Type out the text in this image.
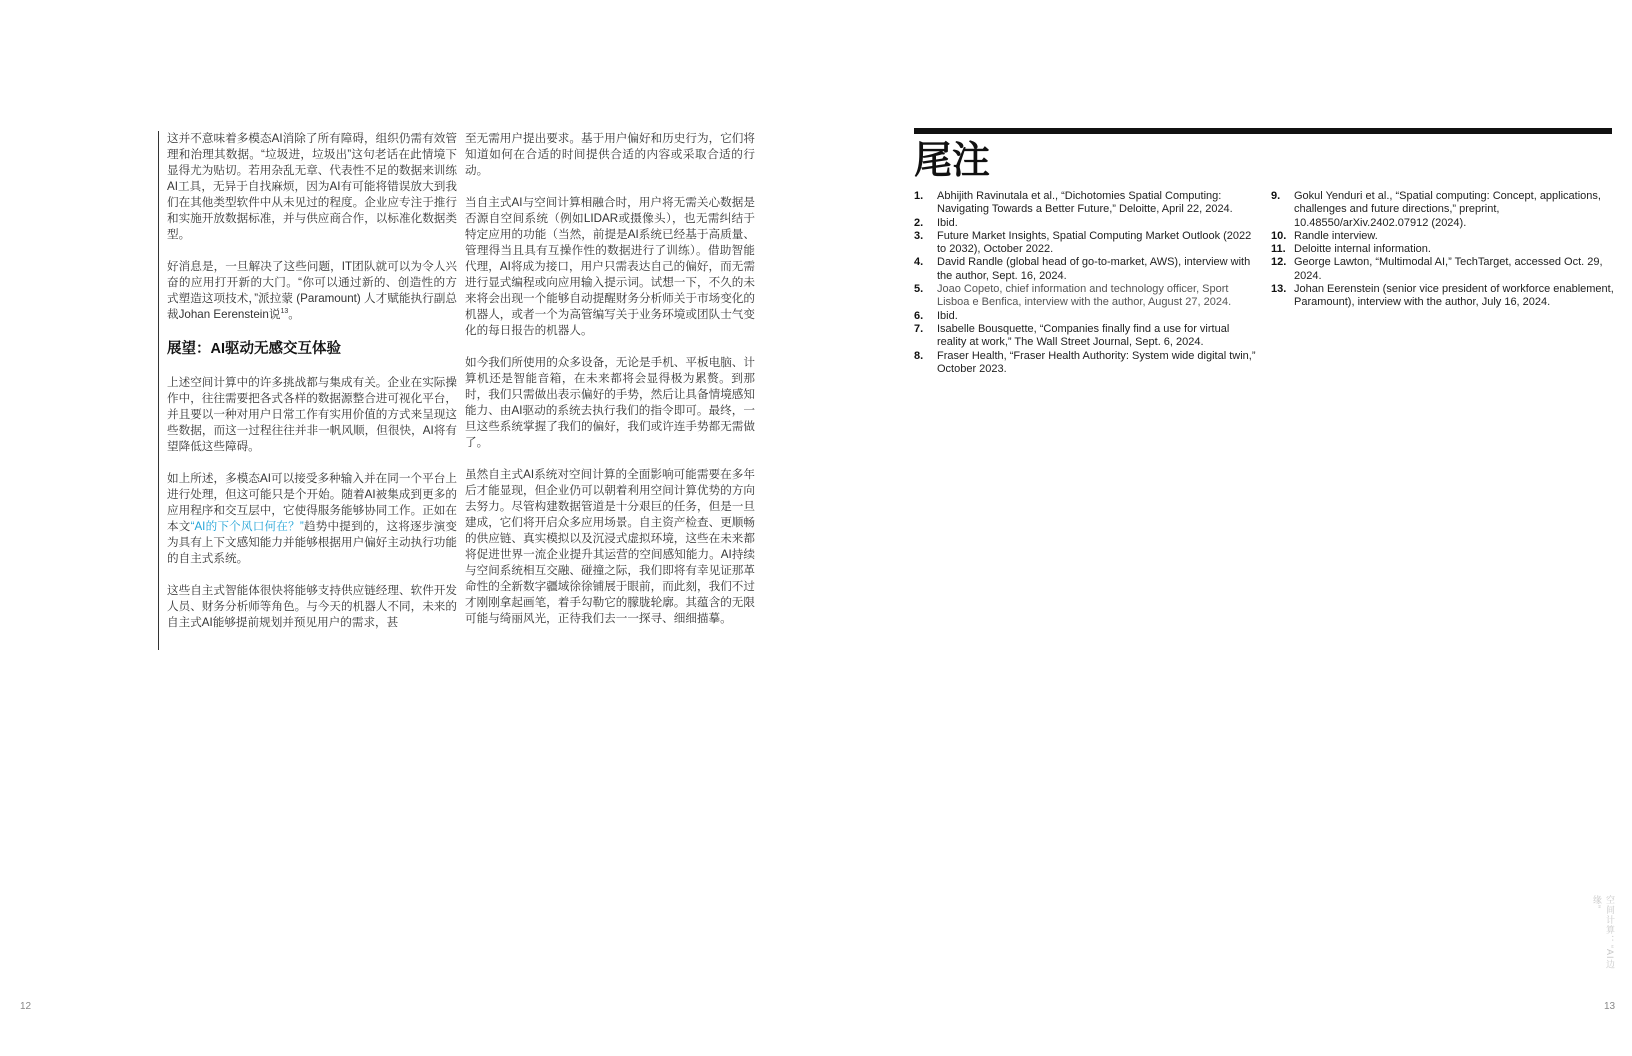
这并不意味着多模态AI消除了所有障碍，组织仍需有效管理和治理其数据。“垃圾进，垃圾出”这句老话在此情境下显得尤为贴切。若用杂乱无章、代表性不足的数据来训练AI工具，无异于自找麻烦，因为AI有可能将错误放大到我们在其他类型软件中从未见过的程度。企业应专注于推行和实施开放数据标准，并与供应商合作，以标准化数据类型。

好消息是，一旦解决了这些问题，IT团队就可以为令人兴奋的应用打开新的大门。“你可以通过新的、创造性的方式塑造这项技术，”派拉蒙 (Paramount) 人才赋能执行副总裁Johan Eerenstein说$^{13}$。

展望：AI驱动无感交互体验

上述空间计算中的许多挑战都与集成有关。企业在实际操作中，往往需要把各式各样的数据源整合进可视化平台，并且要以一种对用户日常工作有实用价值的方式来呈现这些数据，而这一过程往往并非一帆风顺，但很快，AI将有望降低这些障碍。

如上所述，多模态AI可以接受多种输入并在同一个平台上进行处理，但这可能只是个开始。随着AI被集成到更多的应用程序和交互层中，它使得服务能够协同工作。正如在本文“AI的下个风口何在？”趋势中提到的，这将逐步演变为具有上下文感知能力并能够根据用户偏好主动执行功能的自主式系统。

这些自主式智能体很快将能够支持供应链经理、软件开发人员、财务分析师等角色。与今天的机器人不同，未来的自主式AI能够提前规划并预见用户的需求，甚

至无需用户提出要求。基于用户偏好和历史行为，它们将知道如何在合适的时间提供合适的内容或采取合适的行动。

当自主式AI与空间计算相融合时，用户将无需关心数据是否源自空间系统（例如LIDAR或摄像头），也无需纠结于特定应用的功能（当然，前提是AI系统已经基于高质量、管理得当且具有互操作性的数据进行了训练）。借助智能代理，AI将成为接口，用户只需表达自己的偏好，而无需进行显式编程或向应用输入提示词。试想一下，不久的未来将会出现一个能够自动提醒财务分析师关于市场变化的机器人，或者一个为高管编写关于业务环境或团队士气变化的每日报告的机器人。

如今我们所使用的众多设备，无论是手机、平板电脑、计算机还是智能音箱，在未来都将会显得极为累赘。到那时，我们只需做出表示偏好的手势，然后让具备情境感知能力、由AI驱动的系统去执行我们的指令即可。最终，一旦这些系统掌握了我们的偏好，我们或许连手势都无需做了。

虽然自主式AI系统对空间计算的全面影响可能需要在多年后才能显现，但企业仍可以朝着利用空间计算优势的方向去努力。尽管构建数据管道是十分艰巨的任务，但是一旦建成，它们将开启众多应用场景。自主资产检查、更顺畅的供应链、真实模拟以及沉浸式虚拟环境，这些在未来都将促进世界一流企业提升其运营的空间感知能力。AI持续与空间系统相互交融、碰撞之际，我们即将有幸见证那革命性的全新数字疆域徐徐铺展于眼前，而此刻，我们不过才刚刚拿起画笔，着手勾勒它的朦胧轮廓。其蕴含的无限可能与绮丽风光，正待我们去一一探寻、细细描摹。

12
尾注
1.	Abhijith Ravinutala et al., “Dichotomies Spatial Computing: Navigating Towards a Better Future,” Deloitte, April 22, 2024.
2.	Ibid.
3.	Future Market Insights, Spatial Computing Market Outlook (2022 to 2032), October 2022.
4.	David Randle (global head of go-to-market, AWS), interview with the author, Sept. 16, 2024.
5.	Joao Copeto, chief information and technology officer, Sport Lisboa e Benfica, interview with the author, August 27, 2024.
6.	Ibid.
7.	Isabelle Bousquette, “Companies finally find a use for virtual reality at work,” The Wall Street Journal, Sept. 6, 2024.
8.	Fraser Health, “Fraser Health Authority: System wide digital twin,” October 2023.
9.	Gokul Yenduri et al., “Spatial computing: Concept, applications, challenges and future directions,” preprint, 10.48550/arXiv.2402.07912 (2024).
10. Randle interview.
11. Deloitte internal information.
12. George Lawton, “Multimodal AI,” TechTarget, accessed Oct. 29, 2024.
13. Johan Eerenstein (senior vice president of workforce enablement, Paramount), interview with the author, July 16, 2024.
空间计算：“AI边缘”
13
